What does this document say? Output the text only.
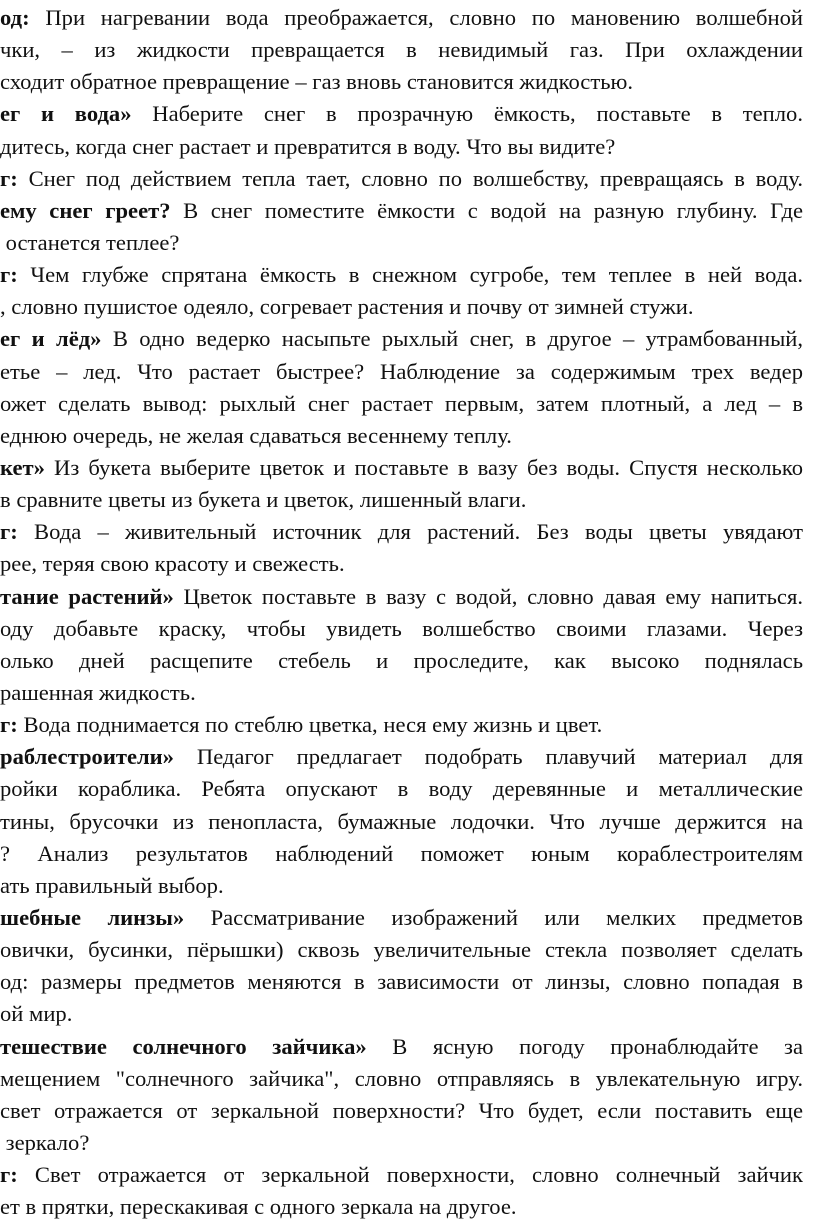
од: При нагревании вода преображается, словно по мановению волшебной
чки, – из жидкости превращается в невидимый газ. При охлаждении
сходит обратное превращение – газ вновь становится жидкостью.
ег и вода» Наберите снег в прозрачную ёмкость, поставьте в тепло.
дитесь, когда снег растает и превратится в воду. Что вы видите?
г: Снег под действием тепла тает, словно по волшебству, превращаясь в воду.
ему снег греет? В снег поместите ёмкости с водой на разную глубину. Где
останется теплее?
г: Чем глубже спрятана ёмкость в снежном сугробе, тем теплее в ней вода.
, словно пушистое одеяло, согревает растения и почву от зимней стужи.
ег и лёд» В одно ведерко насыпьте рыхлый снег, в другое – утрамбованный,
етье – лед. Что растает быстрее? Наблюдение за содержимым трех ведер
ожет сделать вывод: рыхлый снег растает первым, затем плотный, а лед – в
еднюю очередь, не желая сдаваться весеннему теплу.
кет» Из букета выберите цветок и поставьте в вазу без воды. Спустя несколько
в сравните цветы из букета и цветок, лишенный влаги.
г: Вода – живительный источник для растений. Без воды цветы увядают
рее, теряя свою красоту и свежесть.
тание растений» Цветок поставьте в вазу с водой, словно давая ему напиться.
оду добавьте краску, чтобы увидеть волшебство своими глазами. Через
олько дней расщепите стебель и проследите, как высоко поднялась
рашенная жидкость.
г: Вода поднимается по стеблю цветка, неся ему жизнь и цвет.
раблестроители» Педагог предлагает подобрать плавучий материал для
ройки кораблика. Ребята опускают в воду деревянные и металлические
тины, брусочки из пенопласта, бумажные лодочки. Что лучше держится на
? Анализ результатов наблюдений поможет юным кораблестроителям
ать правильный выбор.
шебные линзы» Рассматривание изображений или мелких предметов
овички, бусинки, пёрышки) сквозь увеличительные стекла позволяет сделать
од: размеры предметов меняются в зависимости от линзы, словно попадая в
ой мир.
тешествие солнечного зайчика» В ясную погоду пронаблюдайте за
мещением "солнечного зайчика", словно отправляясь в увлекательную игру.
свет отражается от зеркальной поверхности? Что будет, если поставить еще
зеркало?
г: Свет отражается от зеркальной поверхности, словно солнечный зайчик
ет в прятки, перескакивая с одного зеркала на другое.
